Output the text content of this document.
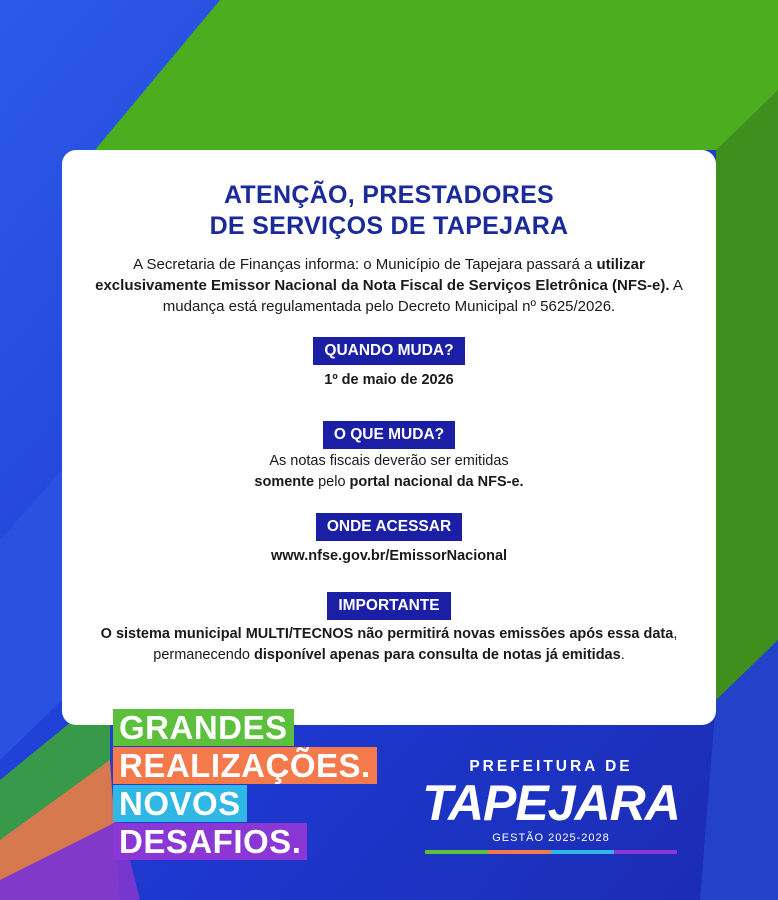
ATENÇÃO, PRESTADORES
DE SERVIÇOS DE TAPEJARA

A Secretaria de Finanças informa: o Município de Tapejara passará a utilizar exclusivamente Emissor Nacional da Nota Fiscal de Serviços Eletrônica (NFS-e). A mudança está regulamentada pelo Decreto Municipal nº 5625/2026.

QUANDO MUDA?
1º de maio de 2026
O QUE MUDA?
As notas fiscais deverão ser emitidas
somente pelo portal nacional da NFS-e.
ONDE ACESSAR
www.nfse.gov.br/EmissorNacional
IMPORTANTE
O sistema municipal MULTI/TECNOS não permitirá novas emissões após essa data, permanecendo disponível apenas para consulta de notas já emitidas.
GRANDES
REALIZAÇÕES.
NOVOS
DESAFIOS.
PREFEITURA DE
TAPEJARA
GESTÃO 2025-2028
